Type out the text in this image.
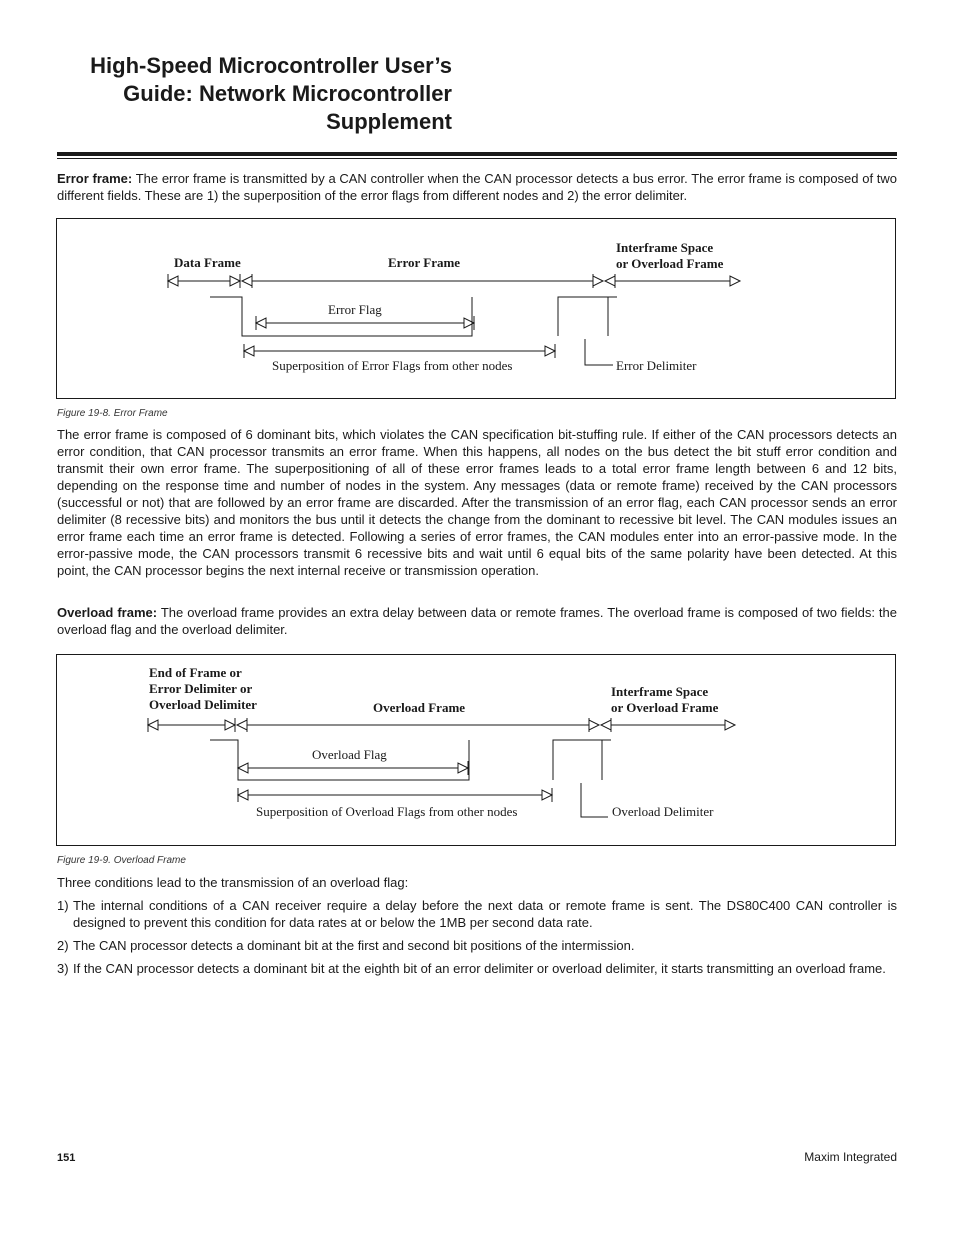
High-Speed Microcontroller User’s
Guide: Network Microcontroller
Supplement
Error frame: The error frame is transmitted by a CAN controller when the CAN processor detects a bus error. The error frame is composed of two different fields. These are 1) the superposition of the error flags from different nodes and 2) the error delimiter.
Data Frame	Error Frame
Interframe Space
or Overload Frame
Error Flag
Superposition of Error Flags from other nodes	Error Delimiter
Figure 19-8. Error Frame
The error frame is composed of 6 dominant bits, which violates the CAN specification bit-stuffing rule. If either of the CAN processors detects an error condition, that CAN processor transmits an error frame. When this happens, all nodes on the bus detect the bit stuff error condition and transmit their own error frame. The superpositioning of all of these error frames leads to a total error frame length between 6 and 12 bits, depending on the response time and number of nodes in the system. Any messages (data or remote frame) received by the CAN processors (successful or not) that are followed by an error frame are discarded. After the transmission of an error flag, each CAN processor sends an error delimiter (8 recessive bits) and monitors the bus until it detects the change from the dominant to recessive bit level. The CAN modules issues an error frame each time an error frame is detected. Following a series of error frames, the CAN modules enter into an error-passive mode. In the error-passive mode, the CAN processors transmit 6 recessive bits and wait until 6 equal bits of the same polarity have been detected. At this point, the CAN processor begins the next internal receive or transmission operation.
Overload frame: The overload frame provides an extra delay between data or remote frames. The overload frame is composed of two fields: the overload flag and the overload delimiter.
End of Frame or
Error Delimiter or
Overload Delimiter	Overload Frame
Interframe Space
or Overload Frame
Overload Flag
Superposition of Overload Flags from other nodes	Overload Delimiter
Figure 19-9. Overload Frame
Three conditions lead to the transmission of an overload flag:
1) The internal conditions of a CAN receiver require a delay before the next data or remote frame is sent. The DS80C400 CAN controller is designed to prevent this condition for data rates at or below the 1MB per second data rate.
2) The CAN processor detects a dominant bit at the first and second bit positions of the intermission.
3) If the CAN processor detects a dominant bit at the eighth bit of an error delimiter or overload delimiter, it starts transmitting an overload frame.
151	Maxim Integrated
